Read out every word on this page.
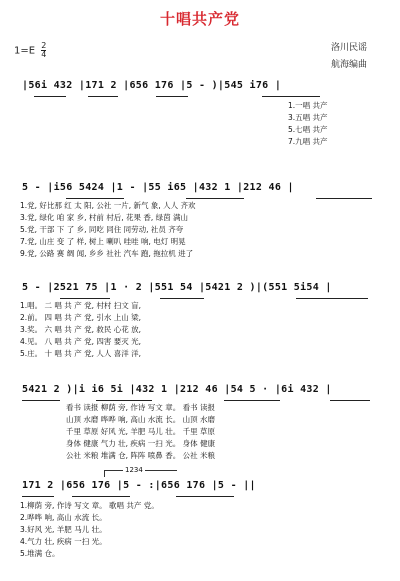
十唱共产党
$1=E \frac{2}{4}$	洛川民谣
航海编曲
|56i 432 |171 2 |656 176 |5 - )|545 i76 |
1.一唱 共产
3.五唱 共产
5.七唱 共产
7.九唱 共产
5 - |i56 5424 |1 - |55 i65 |432 1 |212 46 |
1.党, 好比那 红 太 阳, 公社 一片, 新气 象, 人人 齐欢
3.党, 绿化 咱 家 乡, 村前 村后, 花果 香, 绿茵 满山
5.党, 干部 下 了 乡, 同吃 同住 同劳动, 社员 齐夸
7.党, 山庄 变 了 样, 树上 喇叭 哇哇 响, 电灯 明晃
9.党, 公路 赛 绸 闻, 乡乡 社社 汽车 跑, 拖拉机 进了
5 - |2521 75 |1 · 2 |551 54 |5421 2 )|(551 5i54 |
1.唱。 二 唱 共 产 党, 村村 扫文 盲,
2.前。 四 唱 共 产 党, 引水 上山 梁,
3.奖。 六 唱 共 产 党, 救民 心花 放,
4.见。 八 唱 共 产 党, 四害 要灭 光,
5.庄。 十 唱 共 产 党, 人人 喜洋 洋,
5421 2 )|i i6 5i |432 1 |212 46 |54 5 · |6i 432 |
看书 读报 柳荫 旁, 作诗 写文 章。 看书 读报
山顶 水磨 哗哗 响, 高山 水流 长。 山顶 水磨
千里 草原 好风 光, 羊肥 马儿 壮。 千里 草原
身体 健康 气力 壮, 疾病 一扫 光。 身体 健康
公社 米粮 堆满 仓, 阵阵 喷鼻 香。 公社 米粮
1234
171 2 |656 176 |5 - :|656 176 |5 - ||
1.柳荫 旁, 作诗 写文 章。 歌唱 共产 党。
2.哗哗 响, 高山 水流 长。
3.好风 光, 羊肥 马儿 壮。
4.气力 壮, 疾病 一扫 光。
5.堆满 仓。
